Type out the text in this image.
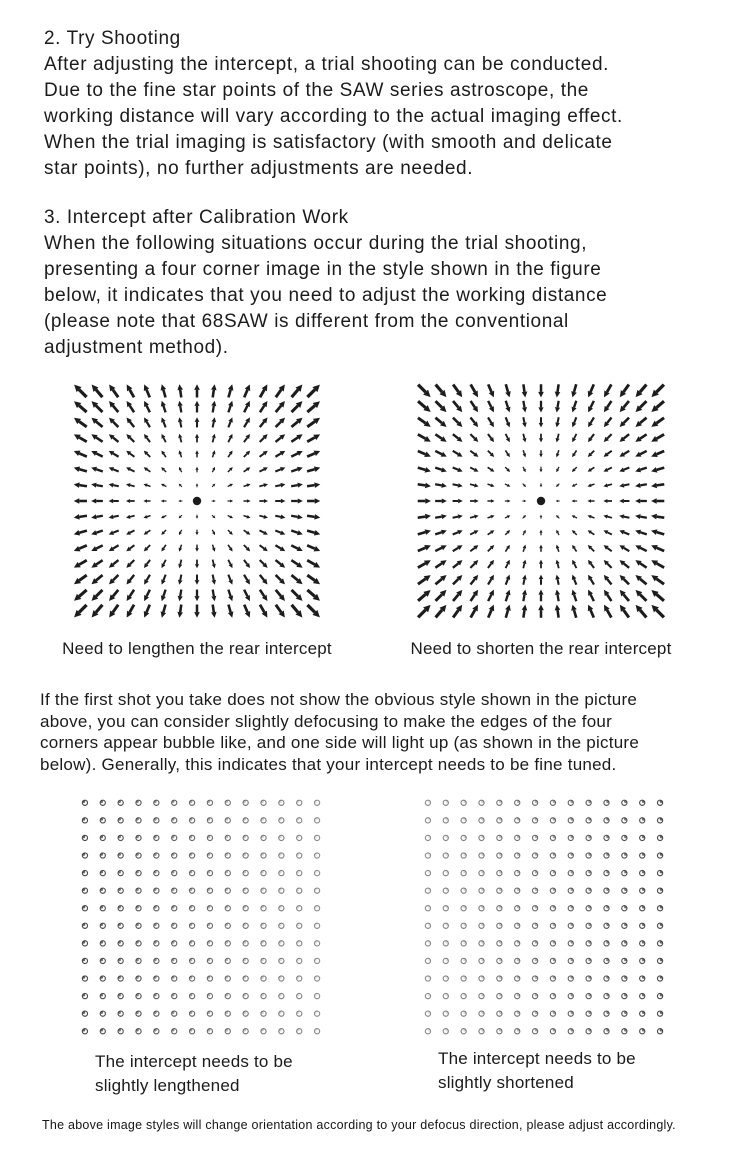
2. Try Shooting
After adjusting the intercept, a trial shooting can be conducted.
Due to the fine star points of the SAW series astroscope, the
working distance will vary according to the actual imaging effect.
When the trial imaging is satisfactory (with smooth and delicate
star points), no further adjustments are needed.
3. Intercept after Calibration Work
When the following situations occur during the trial shooting,
presenting a four corner image in the style shown in the figure
below, it indicates that you need to adjust the working distance
(please note that 68SAW is different from the conventional
adjustment method).
Need to lengthen the rear intercept	Need to shorten the rear intercept
If the first shot you take does not show the obvious style shown in the picture
above, you can consider slightly defocusing to make the edges of the four
corners appear bubble like, and one side will light up (as shown in the picture
below). Generally, this indicates that your intercept needs to be fine tuned.
The intercept needs to be
slightly lengthened
The intercept needs to be
slightly shortened
The above image styles will change orientation according to your defocus direction, please adjust accordingly.
